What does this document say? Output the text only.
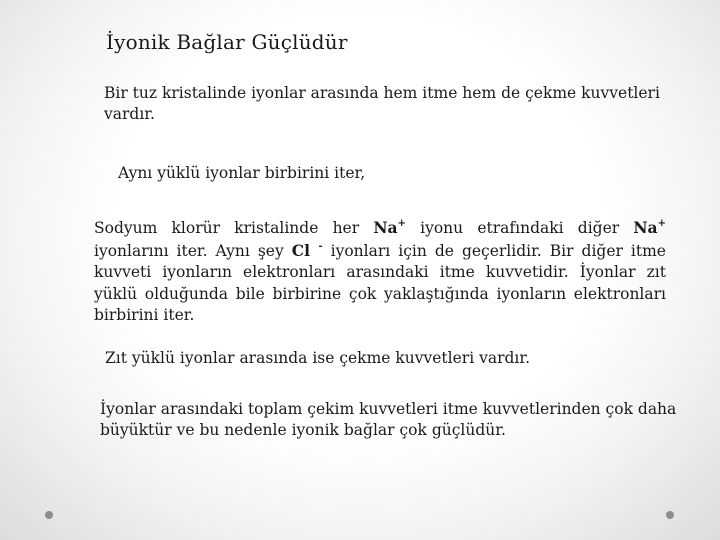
İyonik Bağlar Güçlüdür
Bir tuz kristalinde iyonlar arasında hem itme hem de çekme kuvvetleri vardır.
Aynı yüklü iyonlar birbirini iter,
Sodyum klorür kristalinde her Na+ iyonu etrafındaki diğer Na+ iyonlarını iter. Aynı şey Cl - iyonları için de geçerlidir. Bir diğer itme kuvveti iyonların elektronları arasındaki itme kuvvetidir. İyonlar zıt yüklü olduğunda bile birbirine çok yaklaştığında iyonların elektronları birbirini iter.
Zıt yüklü iyonlar arasında ise çekme kuvvetleri vardır.
İyonlar arasındaki toplam çekim kuvvetleri itme kuvvetlerinden çok daha büyüktür ve bu nedenle iyonik bağlar çok güçlüdür.
